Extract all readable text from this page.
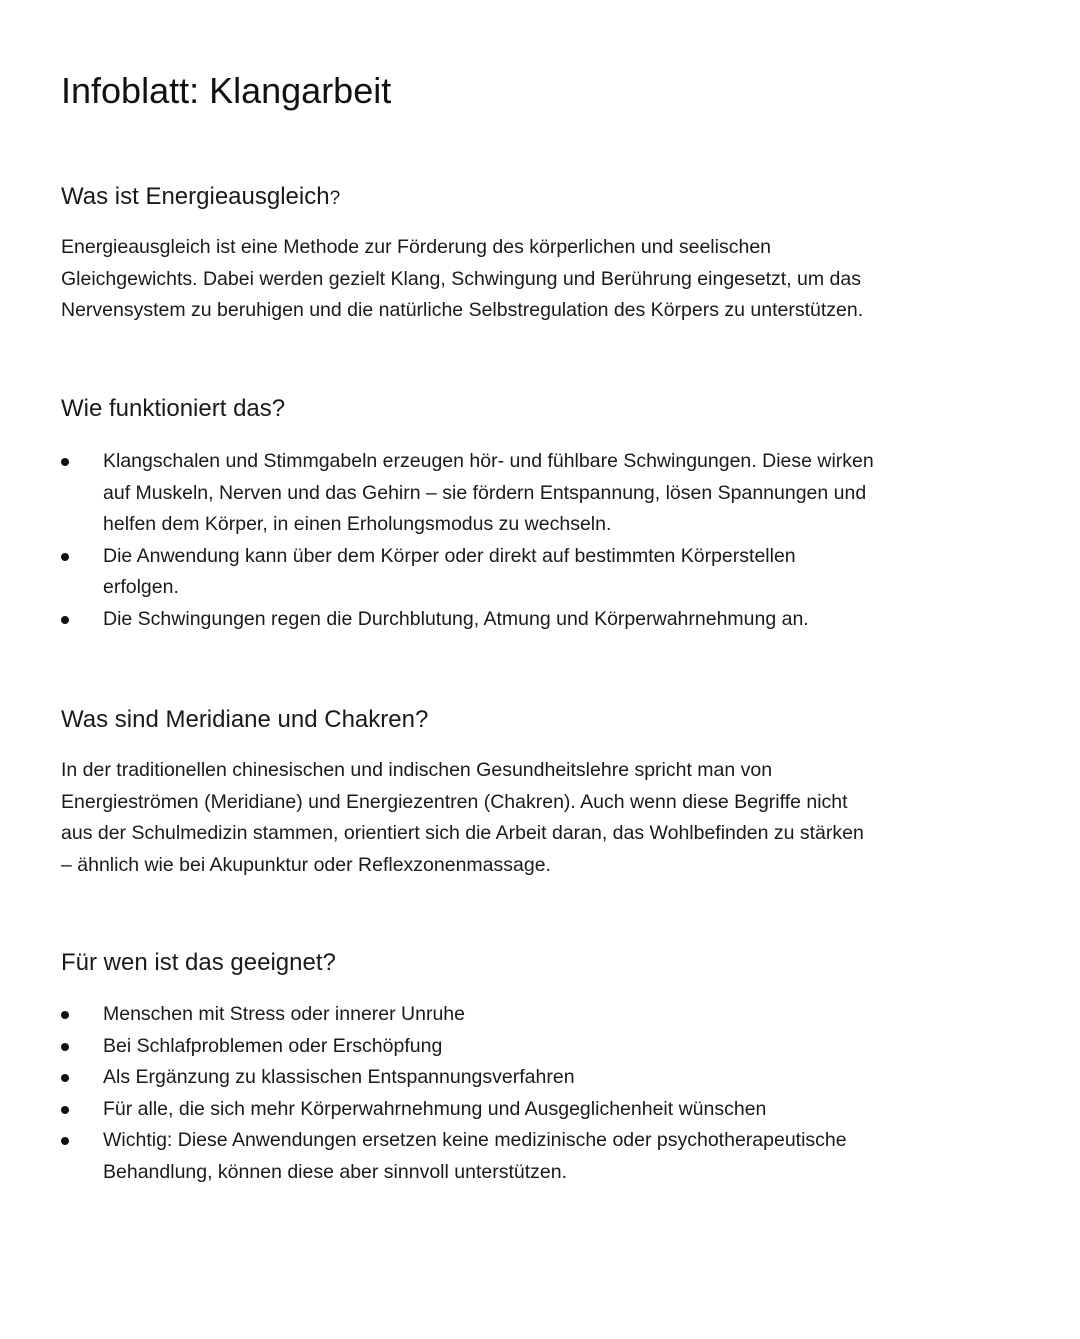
Infoblatt: Klangarbeit
Was ist Energieausgleich?
Energieausgleich ist eine Methode zur Förderung des körperlichen und seelischen
Gleichgewichts. Dabei werden gezielt Klang, Schwingung und Berührung eingesetzt, um das
Nervensystem zu beruhigen und die natürliche Selbstregulation des Körpers zu unterstützen.
Wie funktioniert das?
Klangschalen und Stimmgabeln erzeugen hör- und fühlbare Schwingungen. Diese wirken
auf Muskeln, Nerven und das Gehirn – sie fördern Entspannung, lösen Spannungen und
helfen dem Körper, in einen Erholungsmodus zu wechseln.
Die Anwendung kann über dem Körper oder direkt auf bestimmten Körperstellen
erfolgen.
Die Schwingungen regen die Durchblutung, Atmung und Körperwahrnehmung an.
Was sind Meridiane und Chakren?
In der traditionellen chinesischen und indischen Gesundheitslehre spricht man von
Energieströmen (Meridiane) und Energiezentren (Chakren). Auch wenn diese Begriffe nicht
aus der Schulmedizin stammen, orientiert sich die Arbeit daran, das Wohlbefinden zu stärken
– ähnlich wie bei Akupunktur oder Reflexzonenmassage.
Für wen ist das geeignet?
Menschen mit Stress oder innerer Unruhe
Bei Schlafproblemen oder Erschöpfung
Als Ergänzung zu klassischen Entspannungsverfahren
Für alle, die sich mehr Körperwahrnehmung und Ausgeglichenheit wünschen
Wichtig: Diese Anwendungen ersetzen keine medizinische oder psychotherapeutische
Behandlung, können diese aber sinnvoll unterstützen.
